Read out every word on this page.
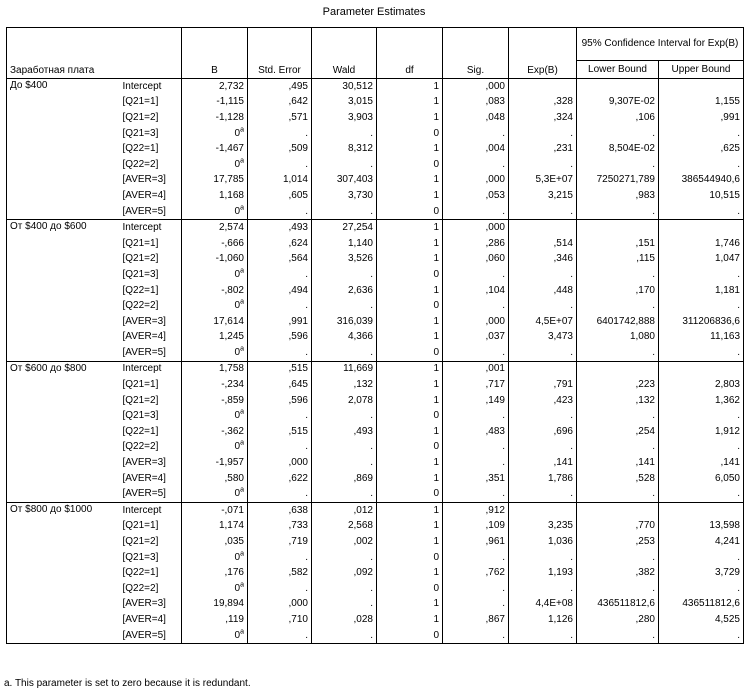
Parameter Estimates
Заработная плата		B	Std. Error	Wald	df	Sig.	Exp(B)	95% Confidence Interval for Exp(B)	
								Lower Bound	Upper Bound
До $400	Intercept	2,732	,495	30,512	1	,000			
	[Q21=1]	-1,115	,642	3,015	1	,083	,328	9,307E-02	1,155
	[Q21=2]	-1,128	,571	3,903	1	,048	,324	,106	,991
	[Q21=3]	0$^a$	.	.	0	.	.	.	.
	[Q22=1]	-1,467	,509	8,312	1	,004	,231	8,504E-02	,625
	[Q22=2]	0$^a$	.	.	0	.	.	.	.
	[AVER=3]	17,785	1,014	307,403	1	,000	5,3E+07	7250271,789	386544940,6
	[AVER=4]	1,168	,605	3,730	1	,053	3,215	,983	10,515
	[AVER=5]	0$^a$	.	.	0	.	.	.	.
От $400 до $600	Intercept	2,574	,493	27,254	1	,000			
	[Q21=1]	-,666	,624	1,140	1	,286	,514	,151	1,746
	[Q21=2]	-1,060	,564	3,526	1	,060	,346	,115	1,047
	[Q21=3]	0$^a$	.	.	0	.	.	.	.
	[Q22=1]	-,802	,494	2,636	1	,104	,448	,170	1,181
	[Q22=2]	0$^a$	.	.	0	.	.	.	.
	[AVER=3]	17,614	,991	316,039	1	,000	4,5E+07	6401742,888	311206836,6
	[AVER=4]	1,245	,596	4,366	1	,037	3,473	1,080	11,163
	[AVER=5]	0$^a$	.	.	0	.	.	.	.
От $600 до $800	Intercept	1,758	,515	11,669	1	,001			
	[Q21=1]	-,234	,645	,132	1	,717	,791	,223	2,803
	[Q21=2]	-,859	,596	2,078	1	,149	,423	,132	1,362
	[Q21=3]	0$^a$	.	.	0	.	.	.	.
	[Q22=1]	-,362	,515	,493	1	,483	,696	,254	1,912
	[Q22=2]	0$^a$	.	.	0	.	.	.	.
	[AVER=3]	-1,957	,000	.	1	.	,141	,141	,141
	[AVER=4]	,580	,622	,869	1	,351	1,786	,528	6,050
	[AVER=5]	0$^a$	.	.	0	.	.	.	.
От $800 до $1000	Intercept	-,071	,638	,012	1	,912			
	[Q21=1]	1,174	,733	2,568	1	,109	3,235	,770	13,598
	[Q21=2]	,035	,719	,002	1	,961	1,036	,253	4,241
	[Q21=3]	0$^a$	.	.	0	.	.	.	.
	[Q22=1]	,176	,582	,092	1	,762	1,193	,382	3,729
	[Q22=2]	0$^a$	.	.	0	.	.	.	.
	[AVER=3]	19,894	,000	.	1	.	4,4E+08	436511812,6	436511812,6
	[AVER=4]	,119	,710	,028	1	,867	1,126	,280	4,525
	[AVER=5]	0$^a$	.	.	0	.	.	.	.
a. This parameter is set to zero because it is redundant.
